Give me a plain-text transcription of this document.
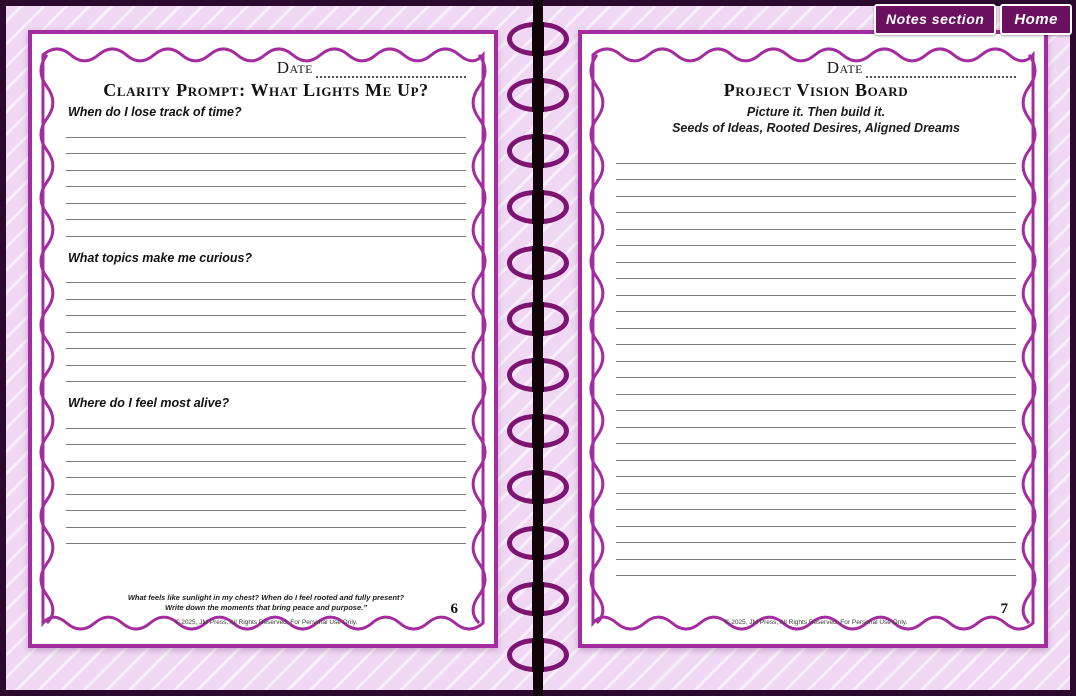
Notes section	Home
Date
Clarity Prompt: What Lights Me Up?
When do I lose track of time?
What topics make me curious?
Where do I feel most alive?
What feels like sunlight in my chest? When do I feel rooted and fully present?
Write down the moments that bring peace and purpose.”
© 2025, JM Press, All Rights Reserved, For Personal Use Only.
6
Date
Project Vision Board
Picture it. Then build it.
Seeds of Ideas, Rooted Desires, Aligned Dreams
© 2025, JM Press, All Rights Reserved, For Personal Use Only.
7
